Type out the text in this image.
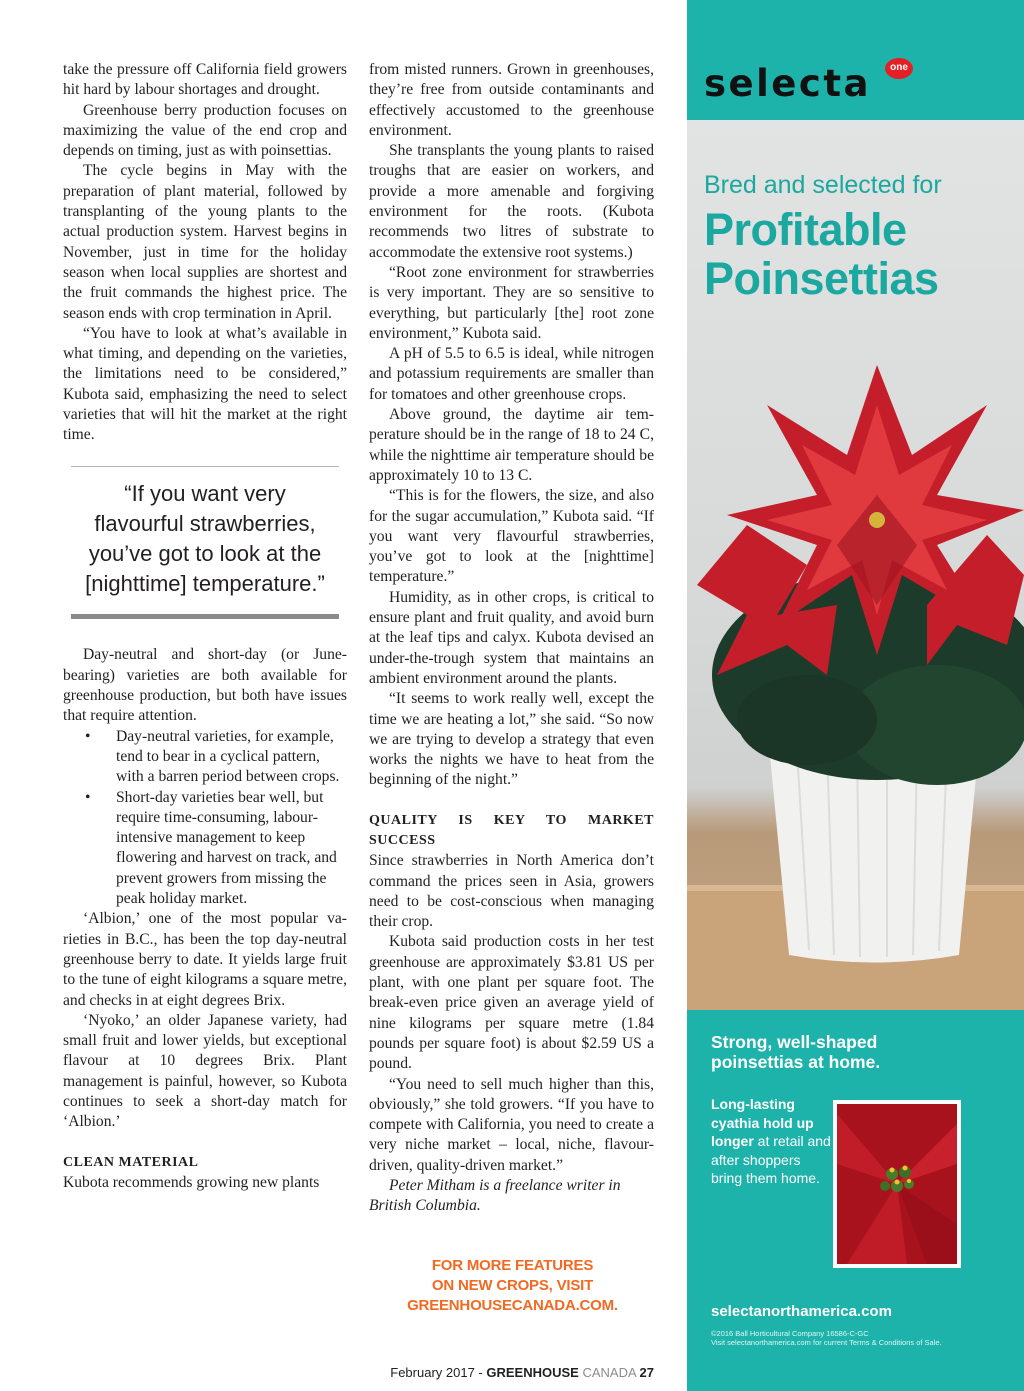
take the pressure off California field growers hit hard by labour shortages and drought.

Greenhouse berry production focuses on maximizing the value of the end crop and depends on timing, just as with poinsettias.

The cycle begins in May with the preparation of plant material, followed by transplanting of the young plants to the actual production system. Harvest begins in November, just in time for the holiday season when local supplies are shortest and the fruit commands the highest price. The season ends with crop termination in April.

“You have to look at what’s available in what timing, and depending on the varieties, the limitations need to be considered,” Kubota said, emphasizing the need to select varieties that will hit the market at the right time.

“If you want very flavourful strawberries, you’ve got to look at the [nighttime] temperature.”

Day-neutral and short-day (or June-bearing) varieties are both available for greenhouse production, but both have issues that require attention.

• Day-neutral varieties, for example, tend to bear in a cyclical pattern, with a barren period between crops.
• Short-day varieties bear well, but require time-consuming, labour-intensive management to keep flowering and harvest on track, and prevent growers from missing the peak holiday market.

‘Albion,’ one of the most popular varieties in B.C., has been the top day-neutral greenhouse berry to date. It yields large fruit to the tune of eight kilograms a square metre, and checks in at eight degrees Brix.

‘Nyoko,’ an older Japanese variety, had small fruit and lower yields, but exceptional flavour at 10 degrees Brix. Plant management is painful, however, so Kubota continues to seek a short-day match for ‘Albion.’

CLEAN MATERIAL

Kubota recommends growing new plants

from misted runners. Grown in greenhouses, they’re free from outside contaminants and effectively accustomed to the greenhouse environment.

She transplants the young plants to raised troughs that are easier on workers, and provide a more amenable and forgiving environment for the roots. (Kubota recommends two litres of substrate to accommodate the extensive root systems.)

“Root zone environment for strawberries is very important. They are so sensitive to everything, but particularly [the] root zone environment,” Kubota said.

A pH of 5.5 to 6.5 is ideal, while nitrogen and potassium requirements are smaller than for tomatoes and other greenhouse crops.

Above ground, the daytime air temperature should be in the range of 18 to 24 C, while the nighttime air temperature should be approximately 10 to 13 C.

“This is for the flowers, the size, and also for the sugar accumulation,” Kubota said. “If you want very flavourful strawberries, you’ve got to look at the [nighttime] temperature.”

Humidity, as in other crops, is critical to ensure plant and fruit quality, and avoid burn at the leaf tips and calyx. Kubota devised an under-the-trough system that maintains an ambient environment around the plants.

“It seems to work really well, except the time we are heating a lot,” she said. “So now we are trying to develop a strategy that even works the nights we have to heat from the beginning of the night.”

QUALITY IS KEY TO MARKET SUCCESS

Since strawberries in North America don’t command the prices seen in Asia, growers need to be cost-conscious when managing their crop.

Kubota said production costs in her test greenhouse are approximately $3.81 US per plant, with one plant per square foot. The break-even price given an average yield of nine kilograms per square metre (1.84 pounds per square foot) is about $2.59 US a pound.

“You need to sell much higher than this, obviously,” she told growers. “If you have to compete with California, you need to create a very niche market – local, niche, flavour-driven, quality-driven market.”

Peter Mitham is a freelance writer in British Columbia.

FOR MORE FEATURES
ON NEW CROPS, VISIT
GREENHOUSECANADA.COM.
February 2017 - GREENHOUSE CANADA 27
selecta	one
Bred and selected for
Profitable
Poinsettias
Strong, well-shaped
poinsettias at home.
Long-lasting cyathia hold up longer at retail and after shoppers bring them home.
selectanorthamerica.com
©2016 Ball Horticultural Company 16586-C-GC
Visit selectanorthamerica.com for current Terms & Conditions of Sale.
